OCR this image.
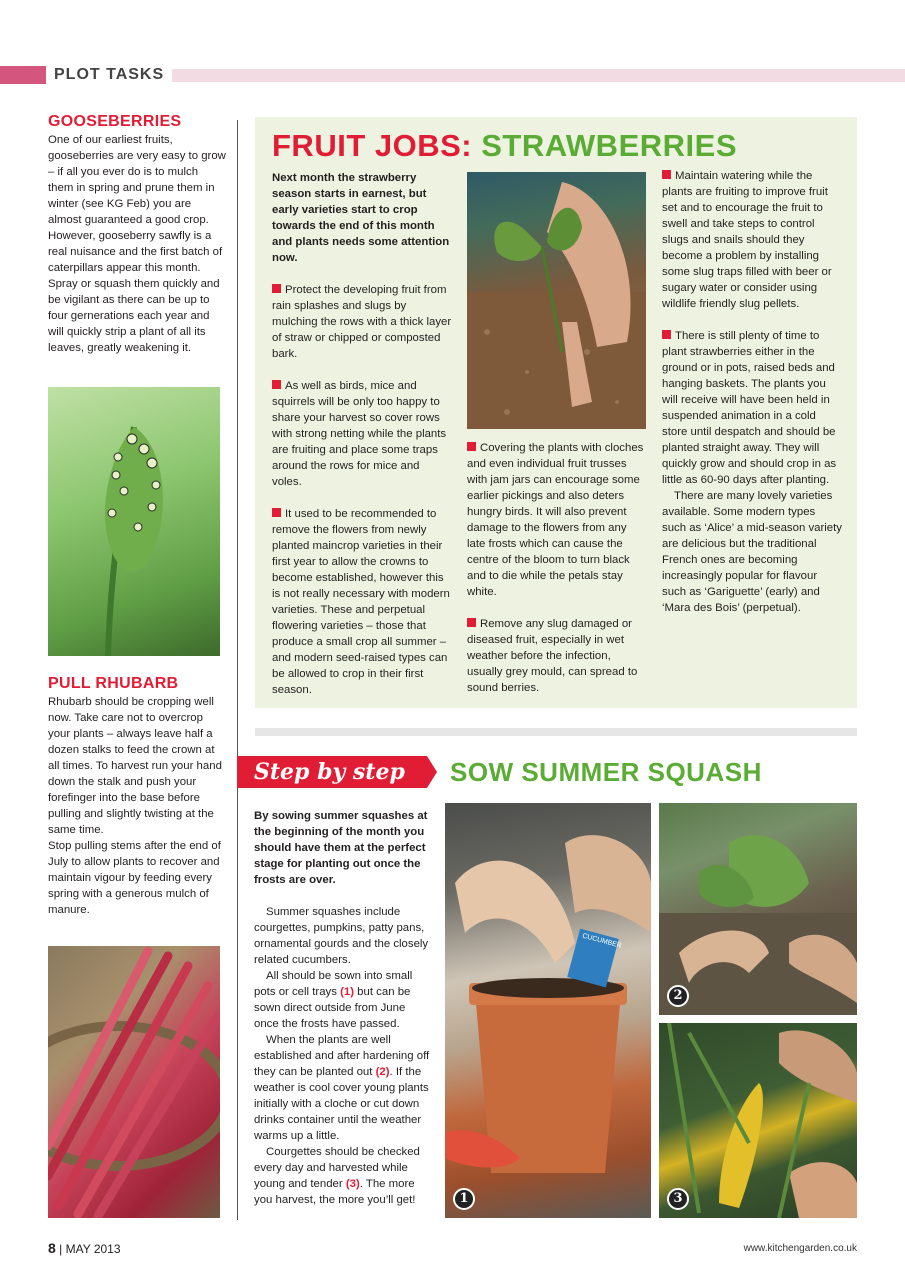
PLOT TASKS
GOOSEBERRIES
One of our earliest fruits, gooseberries are very easy to grow – if all you ever do is to mulch them in spring and prune them in winter (see KG Feb) you are almost guaranteed a good crop. However, gooseberry sawfly is a real nuisance and the first batch of caterpillars appear this month. Spray or squash them quickly and be vigilant as there can be up to four gernerations each year and will quickly strip a plant of all its leaves, greatly weakening it.
PULL RHUBARB
Rhubarb should be cropping well now. Take care not to overcrop your plants – always leave half a dozen stalks to feed the crown at all times. To harvest run your hand down the stalk and push your forefinger into the base before pulling and slightly twisting at the same time.
Stop pulling stems after the end of July to allow plants to recover and maintain vigour by feeding every spring with a generous mulch of manure.
FRUIT JOBS: STRAWBERRIES

Next month the strawberry season starts in earnest, but early varieties start to crop towards the end of this month and plants needs some attention now.

Protect the developing fruit from rain splashes and slugs by mulching the rows with a thick layer of straw or chipped or composted bark.

As well as birds, mice and squirrels will be only too happy to share your harvest so cover rows with strong netting while the plants are fruiting and place some traps around the rows for mice and voles.

It used to be recommended to remove the flowers from newly planted maincrop varieties in their first year to allow the crowns to become established, however this is not really necessary with modern varieties. These and perpetual flowering varieties – those that produce a small crop all summer – and modern seed-raised types can be allowed to crop in their first season.

Covering the plants with cloches and even individual fruit trusses with jam jars can encourage some earlier pickings and also deters hungry birds. It will also prevent damage to the flowers from any late frosts which can cause the centre of the bloom to turn black and to die while the petals stay white.

Remove any slug damaged or diseased fruit, especially in wet weather before the infection, usually grey mould, can spread to sound berries.

Maintain watering while the plants are fruiting to improve fruit set and to encourage the fruit to swell and take steps to control slugs and snails should they become a problem by installing some slug traps filled with beer or sugary water or consider using wildlife friendly slug pellets.

There is still plenty of time to plant strawberries either in the ground or in pots, raised beds and hanging baskets. The plants you will receive will have been held in suspended animation in a cold store until despatch and should be planted straight away. They will quickly grow and should crop in as little as 60-90 days after planting.

There are many lovely varieties available. Some modern types such as ‘Alice’ a mid-season variety are delicious but the traditional French ones are becoming increasingly popular for flavour such as ‘Gariguette’ (early) and ‘Mara des Bois’ (perpetual).

Step by step	SOW SUMMER SQUASH

By sowing summer squashes at the beginning of the month you should have them at the perfect stage for planting out once the frosts are over.

Summer squashes include courgettes, pumpkins, patty pans, ornamental gourds and the closely related cucumbers.

All should be sown into small pots or cell trays (1) but can be sown direct outside from June once the frosts have passed.

When the plants are well established and after hardening off they can be planted out (2). If the weather is cool cover young plants initially with a cloche or cut down drinks container until the weather warms up a little.

Courgettes should be checked every day and harvested while young and tender (3). The more you harvest, the more you’ll get!

CUCUMBER
1
2
3
8 | MAY 2013	www.kitchengarden.co.uk
